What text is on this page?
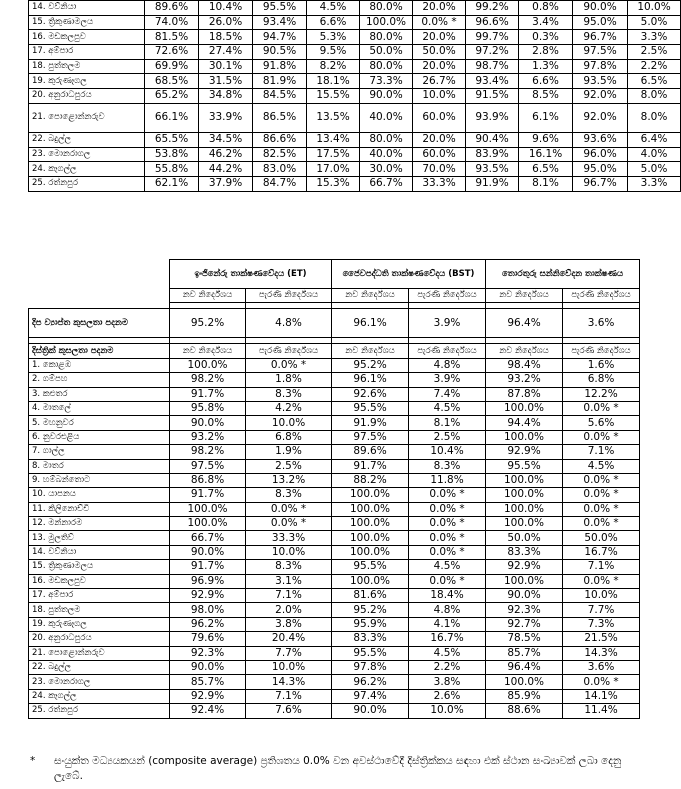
14. වව්නියා	89.6%	10.4%	95.5%	4.5%	80.0%	20.0%	99.2%	0.8%	90.0%	10.0%
15. ත්‍රිකුණාමලය	74.0%	26.0%	93.4%	6.6%	100.0%	0.0% *	96.6%	3.4%	95.0%	5.0%
16. මඩකලපුව	81.5%	18.5%	94.7%	5.3%	80.0%	20.0%	99.7%	0.3%	96.7%	3.3%
17. අම්පාර	72.6%	27.4%	90.5%	9.5%	50.0%	50.0%	97.2%	2.8%	97.5%	2.5%
18. පුත්තලම	69.9%	30.1%	91.8%	8.2%	80.0%	20.0%	98.7%	1.3%	97.8%	2.2%
19. කුරුණෑගල	68.5%	31.5%	81.9%	18.1%	73.3%	26.7%	93.4%	6.6%	93.5%	6.5%
20. අනුරාධපුරය	65.2%	34.8%	84.5%	15.5%	90.0%	10.0%	91.5%	8.5%	92.0%	8.0%
21. පොළොන්නරුව	66.1%	33.9%	86.5%	13.5%	40.0%	60.0%	93.9%	6.1%	92.0%	8.0%
22. බදුල්ල	65.5%	34.5%	86.6%	13.4%	80.0%	20.0%	90.4%	9.6%	93.6%	6.4%
23. මොනරාගල	53.8%	46.2%	82.5%	17.5%	40.0%	60.0%	83.9%	16.1%	96.0%	4.0%
24. කෑගල්ල	55.8%	44.2%	83.0%	17.0%	30.0%	70.0%	93.5%	6.5%	95.0%	5.0%
25. රත්නපුර	62.1%	37.9%	84.7%	15.3%	66.7%	33.3%	91.9%	8.1%	96.7%	3.3%
	ඉංජිනේරු තාක්ෂණවේදය (ET)		ජෛවපද්ධති තාක්ෂණවේදය (BST)		තොරතුරු සන්නිවේදන තාක්ෂණය	
	නව නිර්දේශය	පැරණි නිර්දේශය	නව නිර්දේශය	පැරණි නිර්දේශය	නව නිර්දේශය	පැරණි නිර්දේශය

දිප ව්‍යාප්ත කුසලතා පදනම	95.2%	4.8%	96.1%	3.9%	96.4%	3.6%

දිස්ත්‍රික් කුසලතා පදනම	නව නිර්දේශය	පැරණි නිර්දේශය	නව නිර්දේශය	පැරණි නිර්දේශය	නව නිර්දේශය	පැරණි නිර්දේශය
1. කොළඹ	100.0%	0.0% *	95.2%	4.8%	98.4%	1.6%
2. ගම්පහ	98.2%	1.8%	96.1%	3.9%	93.2%	6.8%
3. කළුතර	91.7%	8.3%	92.6%	7.4%	87.8%	12.2%
4. මාතලේ	95.8%	4.2%	95.5%	4.5%	100.0%	0.0% *
5. මහනුවර	90.0%	10.0%	91.9%	8.1%	94.4%	5.6%
6. නුවරඑළිය	93.2%	6.8%	97.5%	2.5%	100.0%	0.0% *
7. ගාල්ල	98.2%	1.9%	89.6%	10.4%	92.9%	7.1%
8. මාතර	97.5%	2.5%	91.7%	8.3%	95.5%	4.5%
9. හම්බන්තොට	86.8%	13.2%	88.2%	11.8%	100.0%	0.0% *
10. යාපනය	91.7%	8.3%	100.0%	0.0% *	100.0%	0.0% *
11. කිලිනොච්චි	100.0%	0.0% *	100.0%	0.0% *	100.0%	0.0% *
12. මන්නාරම	100.0%	0.0% *	100.0%	0.0% *	100.0%	0.0% *
13. මුලතිව්	66.7%	33.3%	100.0%	0.0% *	50.0%	50.0%
14. වව්නියා	90.0%	10.0%	100.0%	0.0% *	83.3%	16.7%
15. ත්‍රිකුණාමලය	91.7%	8.3%	95.5%	4.5%	92.9%	7.1%
16. මඩකලපුව	96.9%	3.1%	100.0%	0.0% *	100.0%	0.0% *
17. අම්පාර	92.9%	7.1%	81.6%	18.4%	90.0%	10.0%
18. පුත්තලම	98.0%	2.0%	95.2%	4.8%	92.3%	7.7%
19. කුරුණෑගල	96.2%	3.8%	95.9%	4.1%	92.7%	7.3%
20. අනුරාධපුරය	79.6%	20.4%	83.3%	16.7%	78.5%	21.5%
21. පොළොන්නරුව	92.3%	7.7%	95.5%	4.5%	85.7%	14.3%
22. බදුල්ල	90.0%	10.0%	97.8%	2.2%	96.4%	3.6%
23. මොනරාගල	85.7%	14.3%	96.2%	3.8%	100.0%	0.0% *
24. කෑගල්ල	92.9%	7.1%	97.4%	2.6%	85.9%	14.1%
25. රත්නපුර	92.4%	7.6%	90.0%	10.0%	88.6%	11.4%
* සංයුක්ත මධ්‍යයකයන් (composite average) ප්‍රතිශතය 0.0% වන අවස්ථාවේදී දිස්ත්‍රික්කය සඳහා එක් ස්ථාන සංඛ්‍යාවක් ලබා දෙනු ලැබේ.
